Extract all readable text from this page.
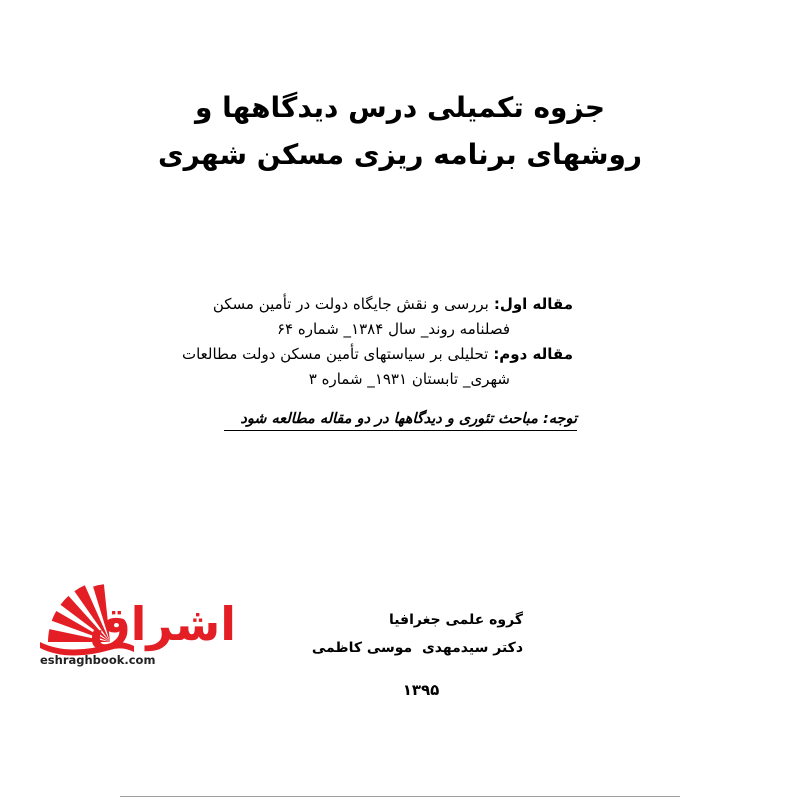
جزوه تکمیلی درس دیدگاهها و
روشهای برنامه ریزی مسکن شهری
مقاله اول:بررسی و نقش جایگاه دولت در تأمین مسکن
فصلنامه روند_ سال ۱۳۸۴_ شماره ۶۴
مقاله دوم:تحلیلی بر سیاستهای تأمین مسکن دولت مطالعات
شهری_ تابستان ۱۹۳۱_ شماره ۳
توجه:مباحث تئوری و دیدگاهها در دو مقاله مطالعه شود
گروه علمی جغرافیا
دکتر سیدمهدی  موسی کاظمی
۱۳۹۵
اشراق
eshraghbook.com
